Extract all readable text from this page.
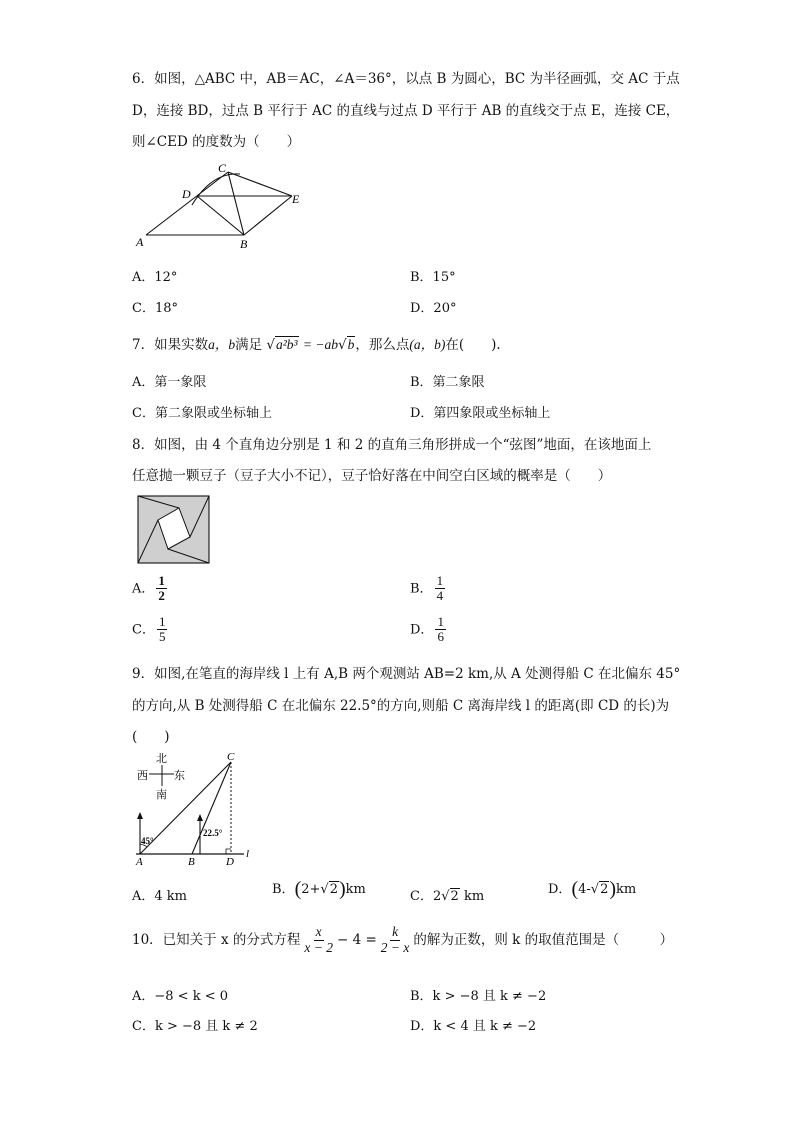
6．如图，△ABC 中，AB＝AC，∠A＝36°，以点 B 为圆心，BC 为半径画弧，交 AC 于点
D，连接 BD，过点 B 平行于 AC 的直线与过点 D 平行于 AB 的直线交于点 E，连接 CE，
则∠CED 的度数为（　　）
A	B
C
D	E
A．12°	B．15°
C．18°	D．20°
7．如果实数a，b满足 √a²b³ = −ab√b，那么点(a，b)在(　　).
A．第一象限	B．第二象限
C．第二象限或坐标轴上	D．第四象限或坐标轴上
8．如图，由 4 个直角边分别是 1 和 2 的直角三角形拼成一个“弦图”地面，在该地面上
任意抛一颗豆子（豆子大小不记），豆子恰好落在中间空白区域的概率是（　　）
A． $\frac{1}{2}$	B． $\frac{1}{4}$
C． $\frac{1}{5}$	D． $\frac{1}{6}$
9．如图,在笔直的海岸线 l 上有 A,B 两个观测站 AB=2 km,从 A 处测得船 C 在北偏东 45°
的方向,从 B 处测得船 C 在北偏东 22.5°的方向,则船 C 离海岸线 l 的距离(即 CD 的长)为
(　　)
北
西 东
南
l
45°
22.5°
C
A	B	D
A．4 km	B．(2+√2)km	C．2√2 km	D．(4-√2)km
10．已知关于 x 的分式方程 $\frac{x}{x - 2} - 4 = \frac{k}{2 - x}$ 的解为正数，则 k 的取值范围是（　　　）
A．−8 < k < 0	B．k > −8 且 k ≠ −2
C．k > −8 且 k ≠ 2	D．k < 4 且 k ≠ −2
